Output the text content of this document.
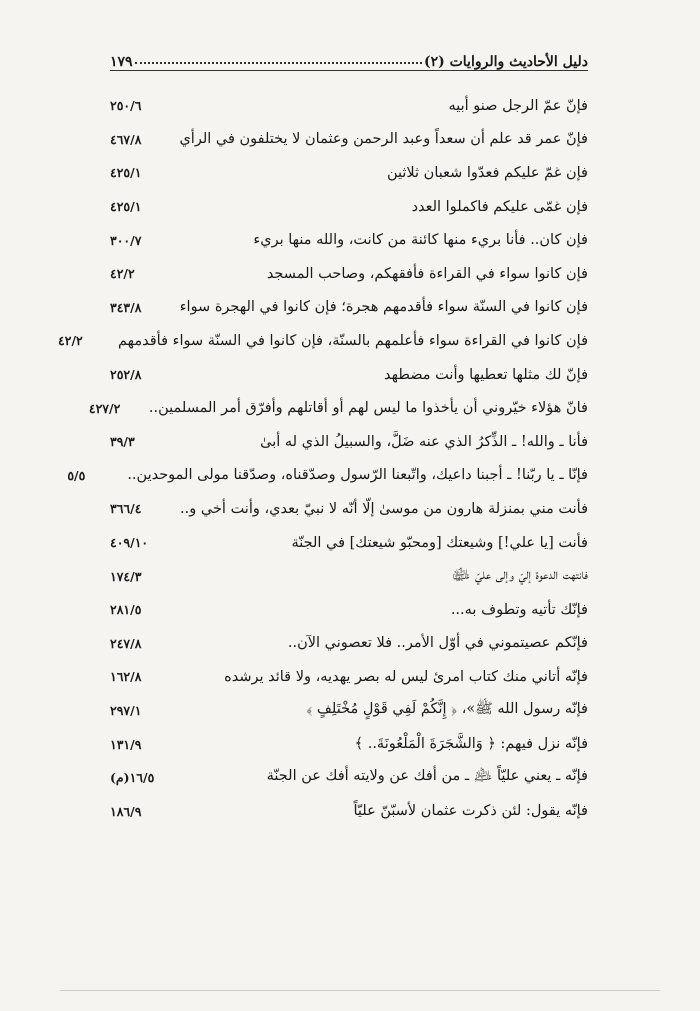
دليل الأحاديث والروايات (٢)
١٧٩
فإنّ عمّ الرجل صنو أبيه
٢٥٠/٦
فإنّ عمر قد علم أن سعداً وعبد الرحمن وعثمان لا يختلفون في الرأي
٤٦٧/٨
فإن غمّ عليكم فعدّوا شعبان ثلاثين
٤٢٥/١
فإن غمّى عليكم فاكملوا العدد
٤٢٥/١
فإن كان.. فأنا بريء منها كائنة من كانت، والله منها بريء
٣٠٠/٧
فإن كانوا سواء في القراءة فأفقهكم، وصاحب المسجد
٤٢/٢
فإن كانوا في السنّة سواء فأقدمهم هجرة؛ فإن كانوا في الهجرة سواء
٣٤٣/٨
فإن كانوا في القراءة سواء فأعلمهم بالسنّة، فإن كانوا في السنّة سواء فأقدمهم
٤٢/٢
فإنّ لك مثلها تعطيها وأنت مضطهد
٢٥٢/٨
فانّ هؤلاء خيّروني أن يأخذوا ما ليس لهم أو أقاتلهم وأفرّق أمر المسلمين..
٤٢٧/٢
فأنا ـ والله! ـ الذِّكرُ الذي عنه ضَلَّ، والسبيلُ الذي له أبىٰ
٣٩/٣
فإنّا ـ يا ربّنا! ـ أجبنا داعيك، واتّبعنا الرّسول وصدّقناه، وصدّقنا مولى الموحدين..
٥/٥
فأنت مني بمنزلة هارون من موسىٰ إلّا أنّه لا نبيّ بعدي، وأنت أخي و..
٣٦٦/٤
فأنت [يا علي!] وشيعتك [ومحبّو شيعتك] في الجنّة
٤٠٩/١٠
فانتهت الدعوة إليّ وإلى عليّ ﵉
١٧٤/٣
فإنّك تأتيه وتطوف به...
٢٨١/٥
فإنّكم عصيتموني في أوّل الأمر.. فلا تعصوني الآن..
٢٤٧/٨
فإنّه أتاني منك كتاب امرئ ليس له بصر يهديه، ولا قائد يرشده
١٦٢/٨
فإنّه رسول الله ﷺ»، ﴿ إِنَّكُمْ لَفِي قَوْلٍ مُخْتَلِفٍ ﴾
٢٩٧/١
فإنّه نزل فيهم: ﴿ وَالشَّجَرَةَ الْمَلْعُونَةَ.. ﴾
١٣١/٩
فإنّه ـ يعني عليّاً ﵇ ـ من أفك عن ولايته أفك عن الجنّة
١٦/٥(م)
فإنّه يقول: لئن ذكرت عثمان لأسبّنّ عليّاً
١٨٦/٩
